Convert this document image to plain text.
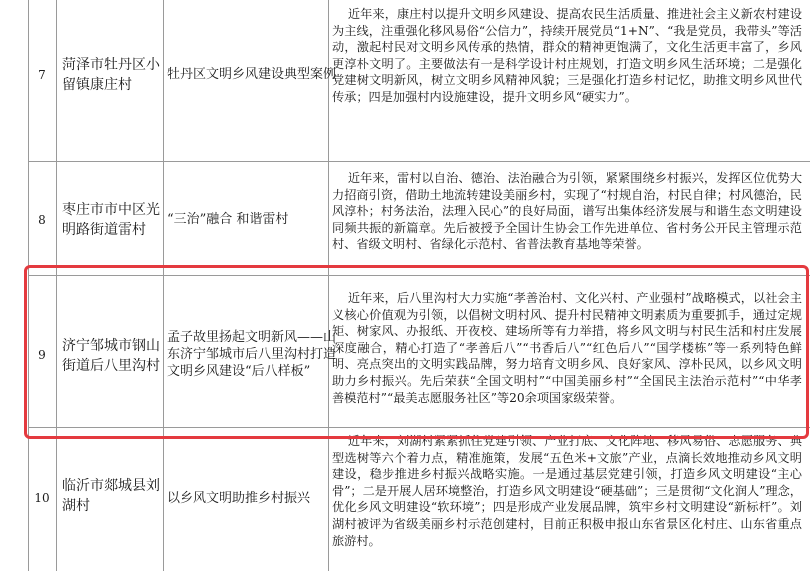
7
菏泽市牡丹区小留镇康庄村
牡丹区文明乡风建设典型案例
近年来，康庄村以提升文明乡风建设、提高农民生活质量、推进社会主义新农村建设为主线，注重强化移风易俗“公信力”，持续开展党员“1+N”、“我是党员，我带头”等活动，激起村民对文明乡风传承的热情，群众的精神更饱满了，文化生活更丰富了，乡风更淳朴文明了。主要做法有一是科学设计村庄规划，打造文明乡风生活环境；二是强化党建树文明新风，树立文明乡风精神风貌；三是强化打造乡村记忆，助推文明乡风世代传承；四是加强村内设施建设，提升文明乡风“硬实力”。
8
枣庄市市中区光明路街道雷村
“三治”融合 和谐雷村
近年来，雷村以自治、德治、法治融合为引领，紧紧围绕乡村振兴，发挥区位优势大力招商引资，借助土地流转建设美丽乡村，实现了“村规自治，村民自律；村风德治，民风淳朴；村务法治，法理入民心”的良好局面，谱写出集体经济发展与和谐生态文明建设同频共振的新篇章。先后被授予全国计生协会工作先进单位、省村务公开民主管理示范村、省级文明村、省绿化示范村、省普法教育基地等荣誉。
9
济宁邹城市钢山街道后八里沟村
孟子故里扬起文明新风——山东济宁邹城市后八里沟村打造文明乡风建设“后八样板”
近年来，后八里沟村大力实施“孝善治村、文化兴村、产业强村”战略模式，以社会主义核心价值观为引领，以倡树文明村风、提升村民精神文明素质为重要抓手，通过定规矩、树家风、办报纸、开夜校、建场所等有力举措，将乡风文明与村民生活和村庄发展深度融合，精心打造了“孝善后八”“书香后八”“红色后八”“国学楼栋”等一系列特色鲜明、亮点突出的文明实践品牌，努力培育文明乡风、良好家风、淳朴民风，以乡风文明助力乡村振兴。先后荣获“全国文明村”“中国美丽乡村”“全国民主法治示范村”“中华孝善模范村”“最美志愿服务社区”等20余项国家级荣誉。
10
临沂市郯城县刘湖村	以乡风文明助推乡村振兴
近年来，刘湖村紧紧抓住党建引领、产业打底、文化阵地、移风易俗、志愿服务、典型选树等六个着力点，精准施策，发展“五色米+文旅”产业，点滴长效地推动乡风文明建设，稳步推进乡村振兴战略实施。一是通过基层党建引领，打造乡风文明建设“主心骨”；二是开展人居环境整治，打造乡风文明建设“硬基础”；三是贯彻“文化润人”理念，优化乡风文明建设“软环境”；四是形成产业发展品牌，筑牢乡村文明建设“新标杆”。刘湖村被评为省级美丽乡村示范创建村，目前正积极申报山东省景区化村庄、山东省重点旅游村。
